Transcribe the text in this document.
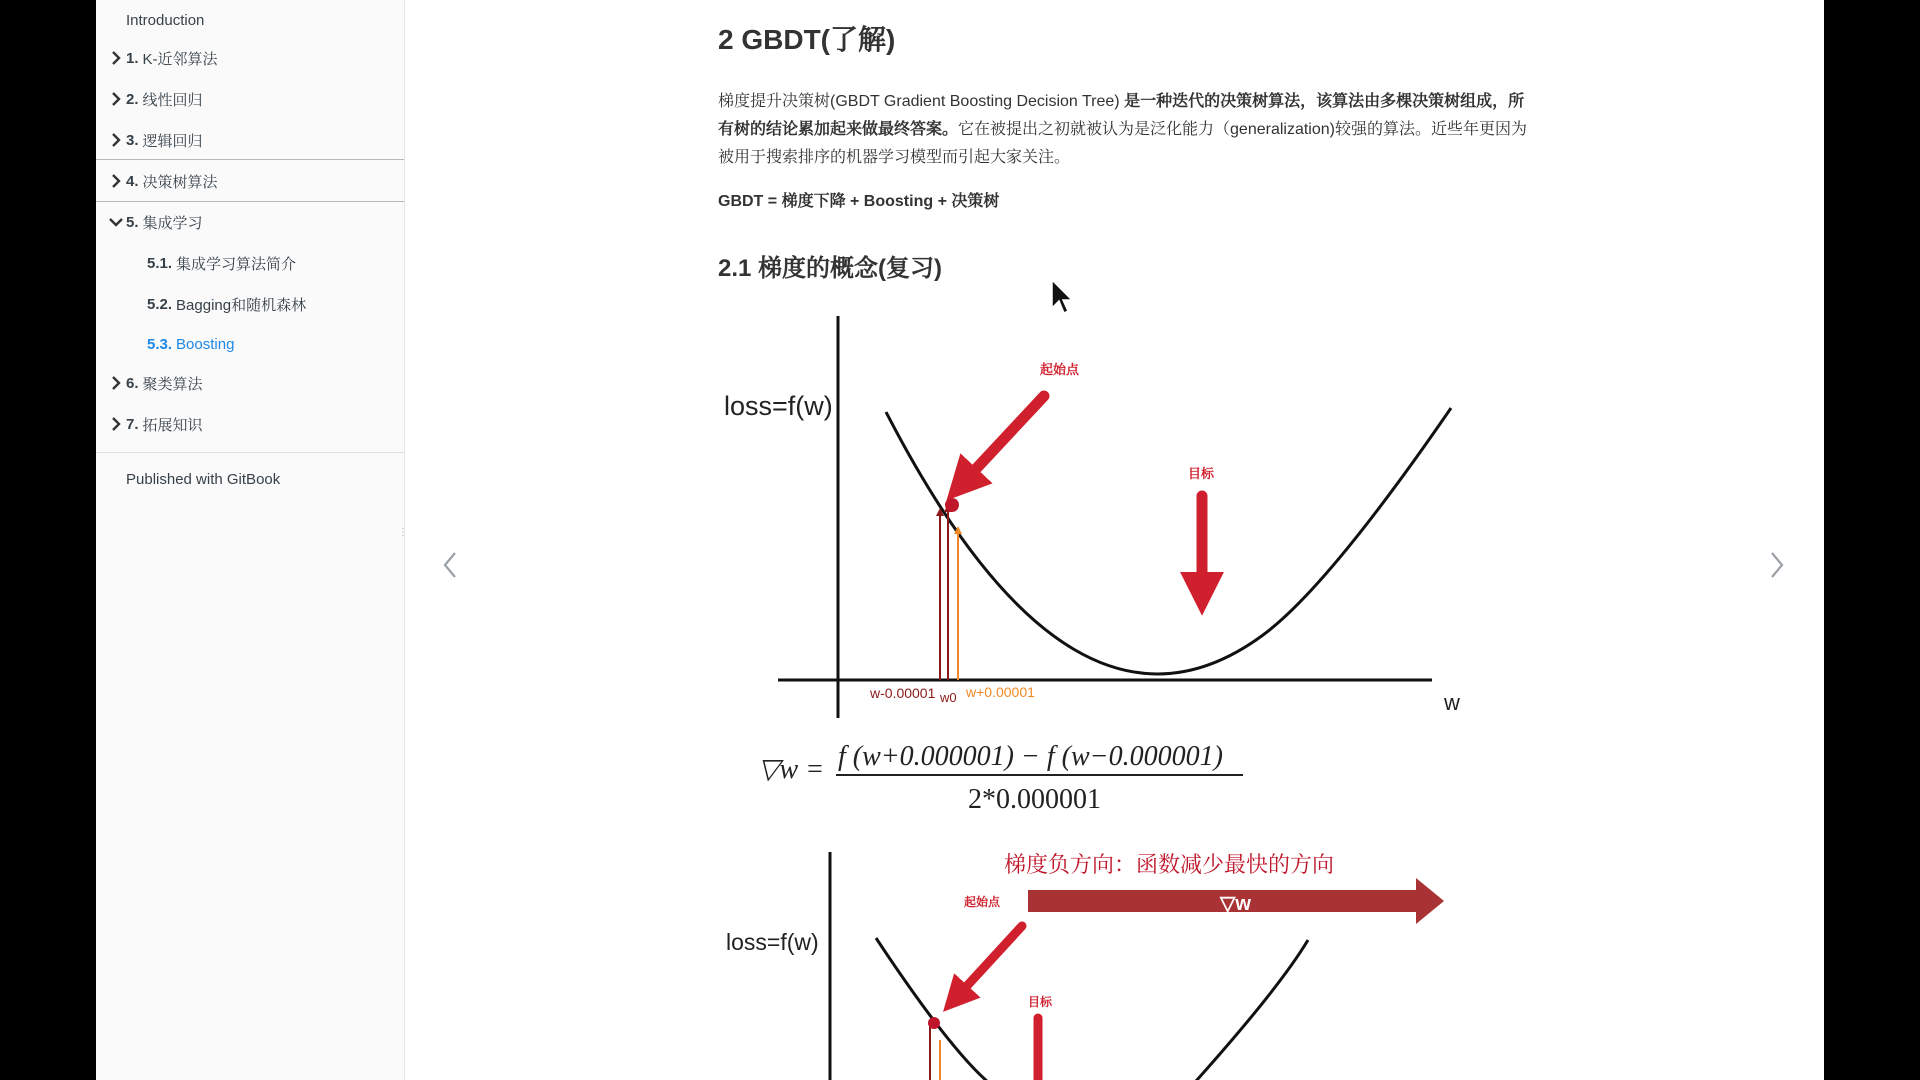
Introduction
1. K-近邻算法
2. 线性回归
3. 逻辑回归
4. 决策树算法
5. 集成学习
5.1. 集成学习算法简介
5.2. Bagging和随机森林
5.3. Boosting
6. 聚类算法
7. 拓展知识
Published with GitBook
⋮
2 GBDT(了解)

梯度提升决策树(GBDT Gradient Boosting Decision Tree) 是一种迭代的决策树算法，该算法由多棵决策树组成，所有树的结论累加起来做最终答案。它在被提出之初就被认为是泛化能力（generalization)较强的算法。近些年更因为被用于搜索排序的机器学习模型而引起大家关注。

GBDT = 梯度下降 + Boosting + 决策树

2.1 梯度的概念(复习)
loss=f(w)
起始点
目标
w-0.00001 w0 w+0.00001	w
▽w = f (w+0.000001) − f (w−0.000001)
2*0.000001
loss=f(w)
梯度负方向：函数减少最快的方向
▽w
起始点
目标
